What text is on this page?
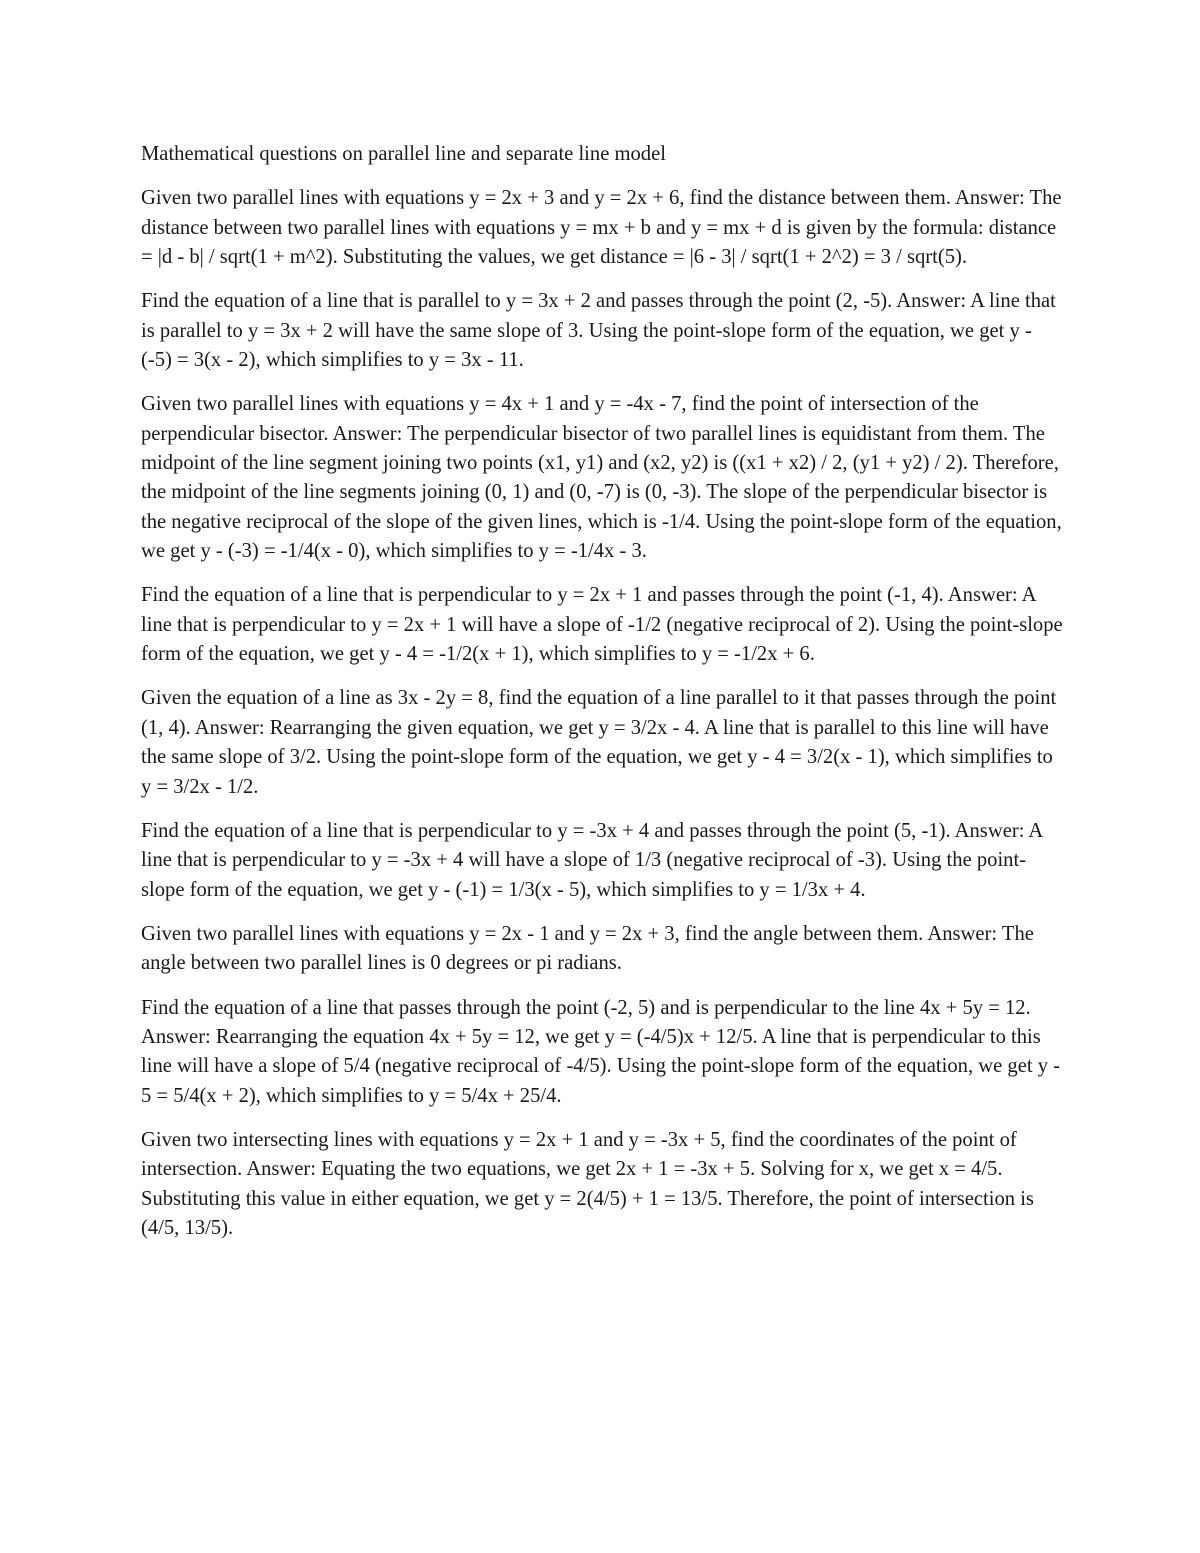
Mathematical questions on parallel line and separate line model

Given two parallel lines with equations y = 2x + 3 and y = 2x + 6, find the distance between them. Answer: The distance between two parallel lines with equations y = mx + b and y = mx + d is given by the formula: distance = |d - b| / sqrt(1 + m^2). Substituting the values, we get distance = |6 - 3| / sqrt(1 + 2^2) = 3 / sqrt(5).

Find the equation of a line that is parallel to y = 3x + 2 and passes through the point (2, -5). Answer: A line that is parallel to y = 3x + 2 will have the same slope of 3. Using the point-slope form of the equation, we get y - (-5) = 3(x - 2), which simplifies to y = 3x - 11.

Given two parallel lines with equations y = 4x + 1 and y = -4x - 7, find the point of intersection of the perpendicular bisector. Answer: The perpendicular bisector of two parallel lines is equidistant from them. The midpoint of the line segment joining two points (x1, y1) and (x2, y2) is ((x1 + x2) / 2, (y1 + y2) / 2). Therefore, the midpoint of the line segments joining (0, 1) and (0, -7) is (0, -3). The slope of the perpendicular bisector is the negative reciprocal of the slope of the given lines, which is -1/4. Using the point-slope form of the equation, we get y - (-3) = -1/4(x - 0), which simplifies to y = -1/4x - 3.

Find the equation of a line that is perpendicular to y = 2x + 1 and passes through the point (-1, 4). Answer: A line that is perpendicular to y = 2x + 1 will have a slope of -1/2 (negative reciprocal of 2). Using the point-slope form of the equation, we get y - 4 = -1/2(x + 1), which simplifies to y = -1/2x + 6.

Given the equation of a line as 3x - 2y = 8, find the equation of a line parallel to it that passes through the point (1, 4). Answer: Rearranging the given equation, we get y = 3/2x - 4. A line that is parallel to this line will have the same slope of 3/2. Using the point-slope form of the equation, we get y - 4 = 3/2(x - 1), which simplifies to y = 3/2x - 1/2.

Find the equation of a line that is perpendicular to y = -3x + 4 and passes through the point (5, -1). Answer: A line that is perpendicular to y = -3x + 4 will have a slope of 1/3 (negative reciprocal of -3). Using the point-slope form of the equation, we get y - (-1) = 1/3(x - 5), which simplifies to y = 1/3x + 4.

Given two parallel lines with equations y = 2x - 1 and y = 2x + 3, find the angle between them. Answer: The angle between two parallel lines is 0 degrees or pi radians.

Find the equation of a line that passes through the point (-2, 5) and is perpendicular to the line 4x + 5y = 12. Answer: Rearranging the equation 4x + 5y = 12, we get y = (-4/5)x + 12/5. A line that is perpendicular to this line will have a slope of 5/4 (negative reciprocal of -4/5). Using the point-slope form of the equation, we get y - 5 = 5/4(x + 2), which simplifies to y = 5/4x + 25/4.

Given two intersecting lines with equations y = 2x + 1 and y = -3x + 5, find the coordinates of the point of intersection. Answer: Equating the two equations, we get 2x + 1 = -3x + 5. Solving for x, we get x = 4/5. Substituting this value in either equation, we get y = 2(4/5) + 1 = 13/5. Therefore, the point of intersection is (4/5, 13/5).
